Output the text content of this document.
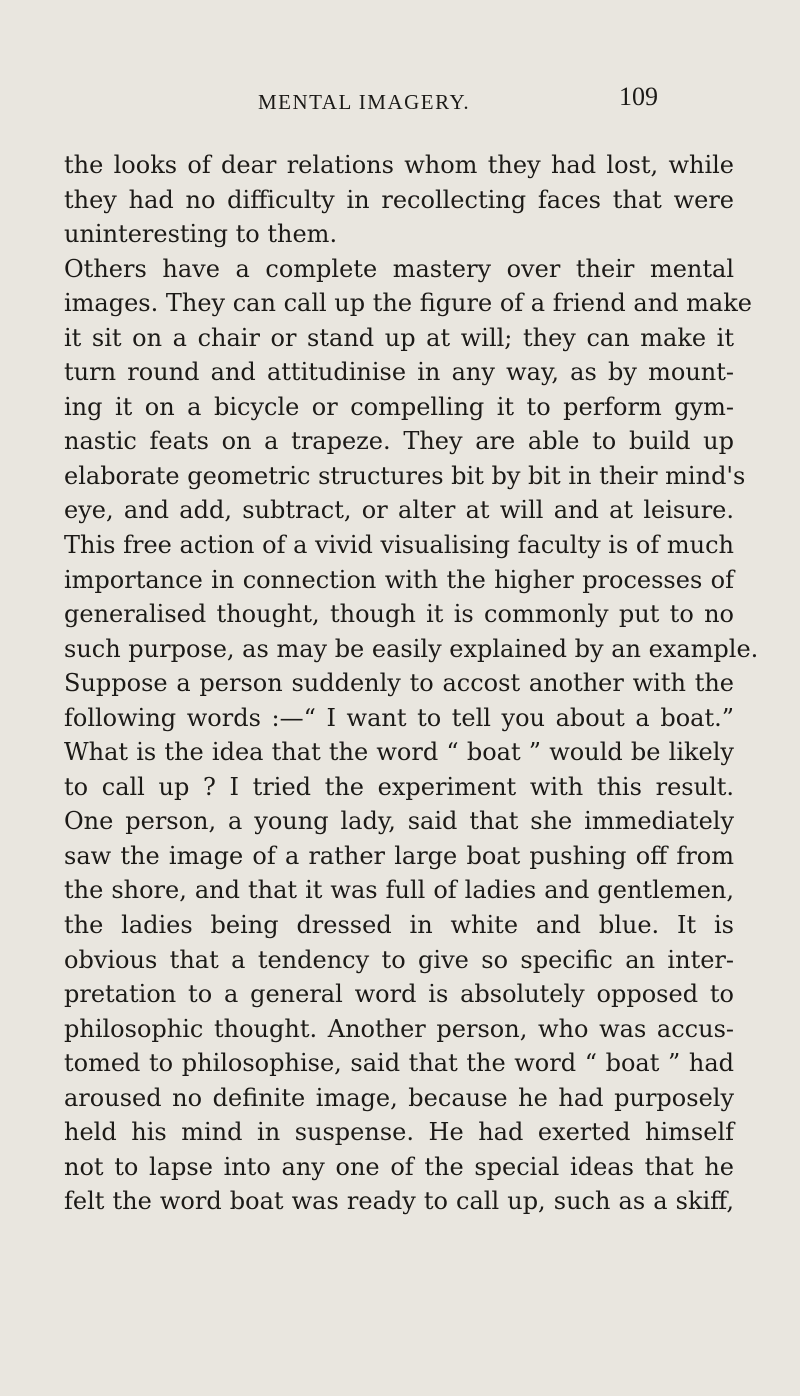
MENTAL IMAGERY.	109
the looks of dear relations whom they had lost, while
they had no difficulty in recollecting faces that were
uninteresting to them.
Others have a complete mastery over their mental
images. They can call up the figure of a friend and make
it sit on a chair or stand up at will; they can make it
turn round and attitudinise in any way, as by mount-
ing it on a bicycle or compelling it to perform gym-
nastic feats on a trapeze. They are able to build up
elaborate geometric structures bit by bit in their mind's
eye, and add, subtract, or alter at will and at leisure.
This free action of a vivid visualising faculty is of much
importance in connection with the higher processes of
generalised thought, though it is commonly put to no
such purpose, as may be easily explained by an example.
Suppose a person suddenly to accost another with the
following words :—“ I want to tell you about a boat.”
What is the idea that the word “ boat ” would be likely
to call up ? I tried the experiment with this result.
One person, a young lady, said that she immediately
saw the image of a rather large boat pushing off from
the shore, and that it was full of ladies and gentlemen,
the ladies being dressed in white and blue. It is
obvious that a tendency to give so specific an inter-
pretation to a general word is absolutely opposed to
philosophic thought. Another person, who was accus-
tomed to philosophise, said that the word “ boat ” had
aroused no definite image, because he had purposely
held his mind in suspense. He had exerted himself
not to lapse into any one of the special ideas that he
felt the word boat was ready to call up, such as a skiff,
